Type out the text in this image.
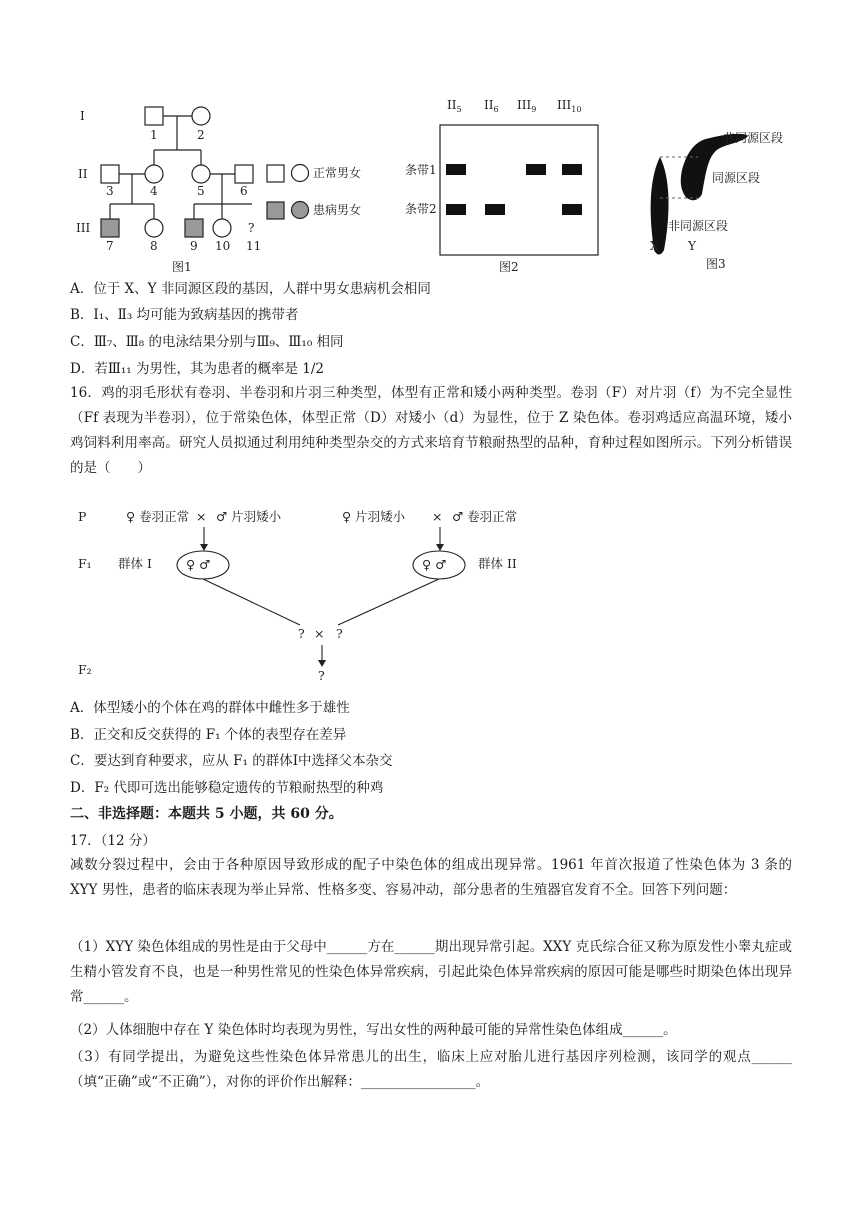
I
II
III
1	2
3	4	5	6
7	8	9 10
?
11
正常男女
患病男女
图1
$II_5$ $II_6$ $III_9$ $III_{10}$
条带1
条带2
图2
非同源区段
同源区段
非同源区段
X Y
图3
A．位于 X、Y 非同源区段的基因，人群中男女患病机会相同
B．Ⅰ₁、Ⅱ₃ 均可能为致病基因的携带者
C．Ⅲ₇、Ⅲ₈ 的电泳结果分别与Ⅲ₉、Ⅲ₁₀ 相同
D．若Ⅲ₁₁ 为男性，其为患者的概率是 1/2
16．鸡的羽毛形状有卷羽、半卷羽和片羽三种类型，体型有正常和矮小两种类型。卷羽（F）对片羽（f）为不完全显性（Ff 表现为半卷羽），位于常染色体，体型正常（D）对矮小（d）为显性，位于 Z 染色体。卷羽鸡适应高温环境，矮小鸡饲料利用率高。研究人员拟通过利用纯种类型杂交的方式来培育节粮耐热型的品种，育种过程如图所示。下列分析错误的是（　　）
P	♀ 卷羽正常 × ♂ 片羽矮小	♀ 片羽矮小 × ♂ 卷羽正常
F₁	♀ ♂
群体 I	♀ ♂	群体 II
? × ?
?
F₂
A．体型矮小的个体在鸡的群体中雌性多于雄性
B．正交和反交获得的 F₁ 个体的表型存在差异
C．要达到育种要求，应从 F₁ 的群体Ⅰ中选择父本杂交
D．F₂ 代即可选出能够稳定遗传的节粮耐热型的种鸡
二、非选择题：本题共 5 小题，共 60 分。
17．（12 分）
减数分裂过程中，会由于各种原因导致形成的配子中染色体的组成出现异常。1961 年首次报道了性染色体为 3 条的 XYY 男性，患者的临床表现为举止异常、性格多变、容易冲动，部分患者的生殖器官发育不全。回答下列问题：
（1）XYY 染色体组成的男性是由于父母中______方在______期出现异常引起。XXY 克氏综合征又称为原发性小睾丸症或生精小管发育不良，也是一种男性常见的性染色体异常疾病，引起此染色体异常疾病的原因可能是哪些时期染色体出现异常______。
（2）人体细胞中存在 Y 染色体时均表现为男性，写出女性的两种最可能的异常性染色体组成______。
（3）有同学提出，为避免这些性染色体异常患儿的出生，临床上应对胎儿进行基因序列检测，该同学的观点______（填“正确”或“不正确”），对你的评价作出解释：_________________。
